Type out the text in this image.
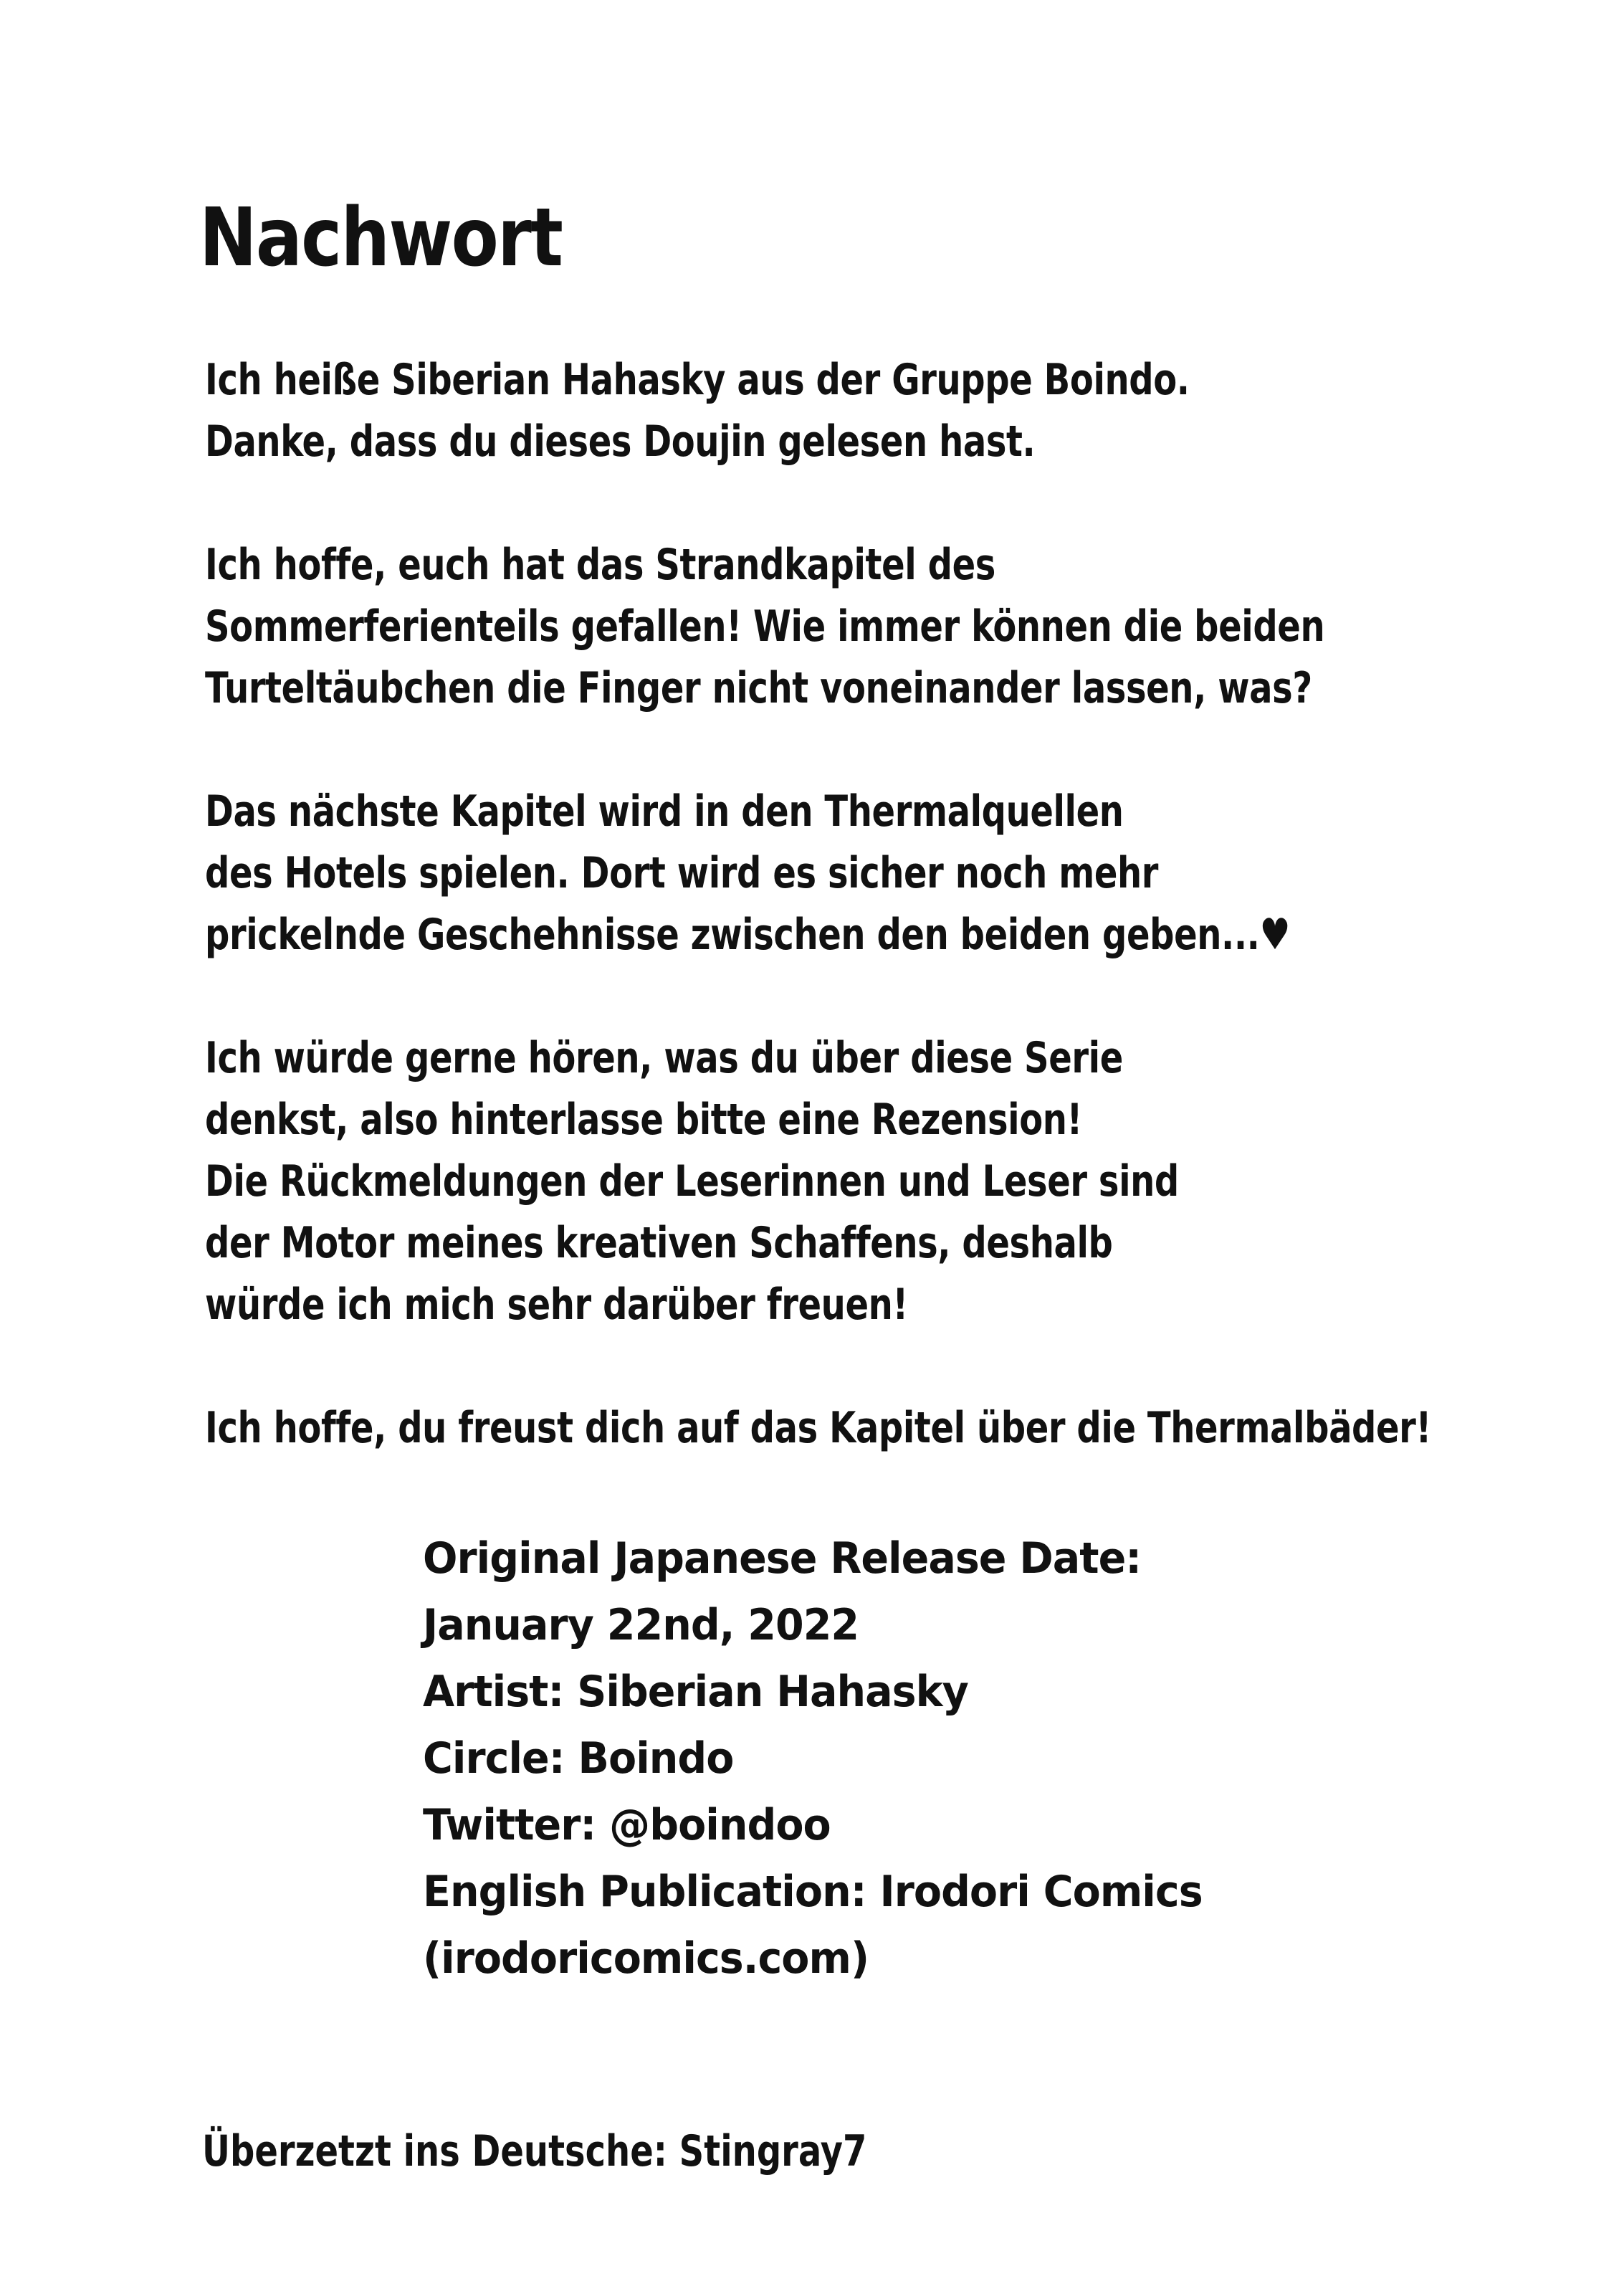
Nachwort

Ich heiße Siberian Hahasky aus der Gruppe Boindo.
Danke, dass du dieses Doujin gelesen hast.

Ich hoffe, euch hat das Strandkapitel des
Sommerferienteils gefallen! Wie immer können die beiden
Turteltäubchen die Finger nicht voneinander lassen, was?

Das nächste Kapitel wird in den Thermalquellen
des Hotels spielen. Dort wird es sicher noch mehr
prickelnde Geschehnisse zwischen den beiden geben...♥

Ich würde gerne hören, was du über diese Serie
denkst, also hinterlasse bitte eine Rezension!
Die Rückmeldungen der Leserinnen und Leser sind
der Motor meines kreativen Schaffens, deshalb
würde ich mich sehr darüber freuen!

Ich hoffe, du freust dich auf das Kapitel über die Thermalbäder!

Original Japanese Release Date:
January 22nd, 2022
Artist: Siberian Hahasky
Circle: Boindo
Twitter: @boindoo
English Publication: Irodori Comics
(irodoricomics.com)
Überzetzt ins Deutsche: Stingray7
